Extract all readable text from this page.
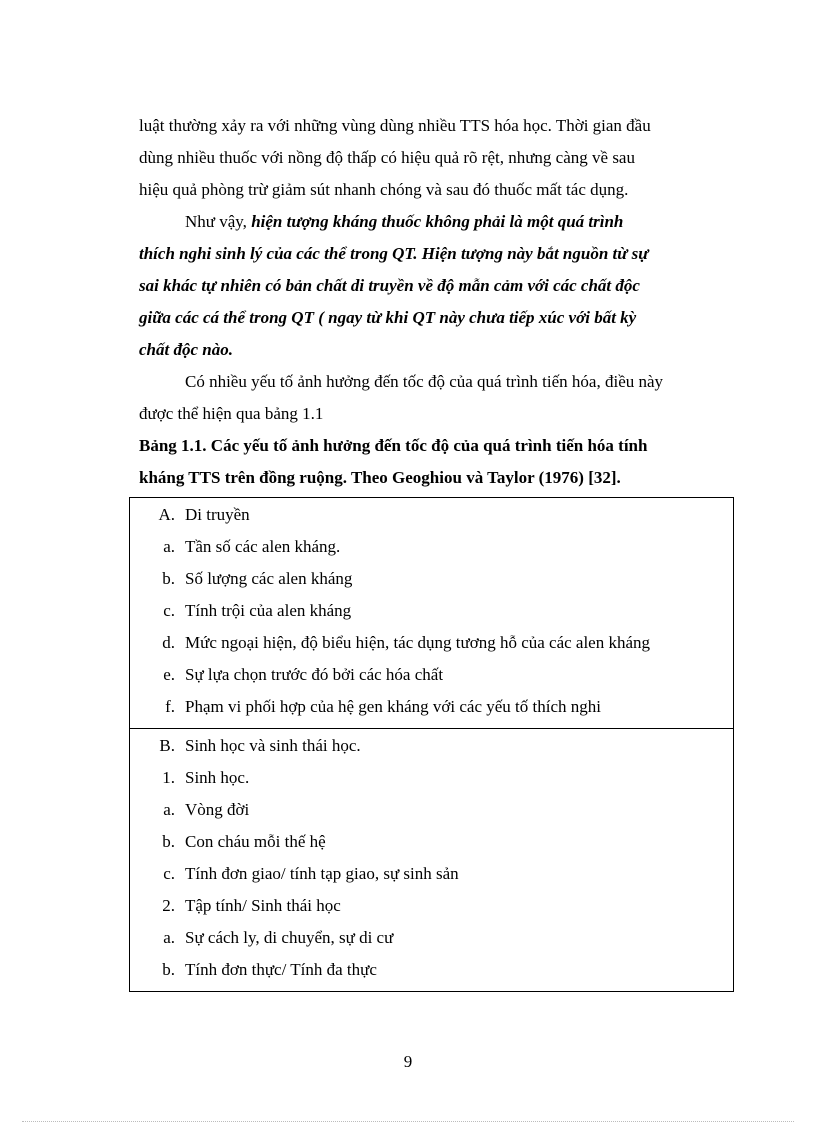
luật thường xảy ra với những vùng dùng nhiều TTS hóa học. Thời gian đầu
dùng nhiều thuốc với nồng độ thấp có hiệu quả rõ rệt, nhưng càng về sau
hiệu quả phòng trừ giảm sút nhanh chóng và sau đó thuốc mất tác dụng.
Như vậy, hiện tượng kháng thuốc không phải là một quá trình
thích nghi sinh lý của các thể trong QT. Hiện tượng này bắt nguồn từ sự
sai khác tự nhiên có bản chất di truyền về độ mẫn cảm với các chất độc
giữa các cá thể trong QT ( ngay từ khi QT này chưa tiếp xúc với bất kỳ
chất độc nào.
Có nhiều yếu tố ảnh hưởng đến tốc độ của quá trình tiến hóa, điều này
được thể hiện qua bảng 1.1
Bảng 1.1. Các yếu tố ảnh hưởng đến tốc độ của quá trình tiến hóa tính
kháng TTS trên đồng ruộng. Theo Geoghiou và Taylor (1976) [32].
A. Di truyền
a. Tần số các alen kháng.
b. Số lượng các alen kháng
c. Tính trội của alen kháng
d. Mức ngoại hiện, độ biểu hiện, tác dụng tương hỗ của các alen kháng
e. Sự lựa chọn trước đó bởi các hóa chất
f. Phạm vi phối hợp của hệ gen kháng với các yếu tố thích nghi
B. Sinh học và sinh thái học.
1. Sinh học.
a. Vòng đời
b. Con cháu mỗi thế hệ
c. Tính đơn giao/ tính tạp giao, sự sinh sản
2. Tập tính/ Sinh thái học
a. Sự cách ly, di chuyển, sự di cư
b. Tính đơn thực/ Tính đa thực
9
